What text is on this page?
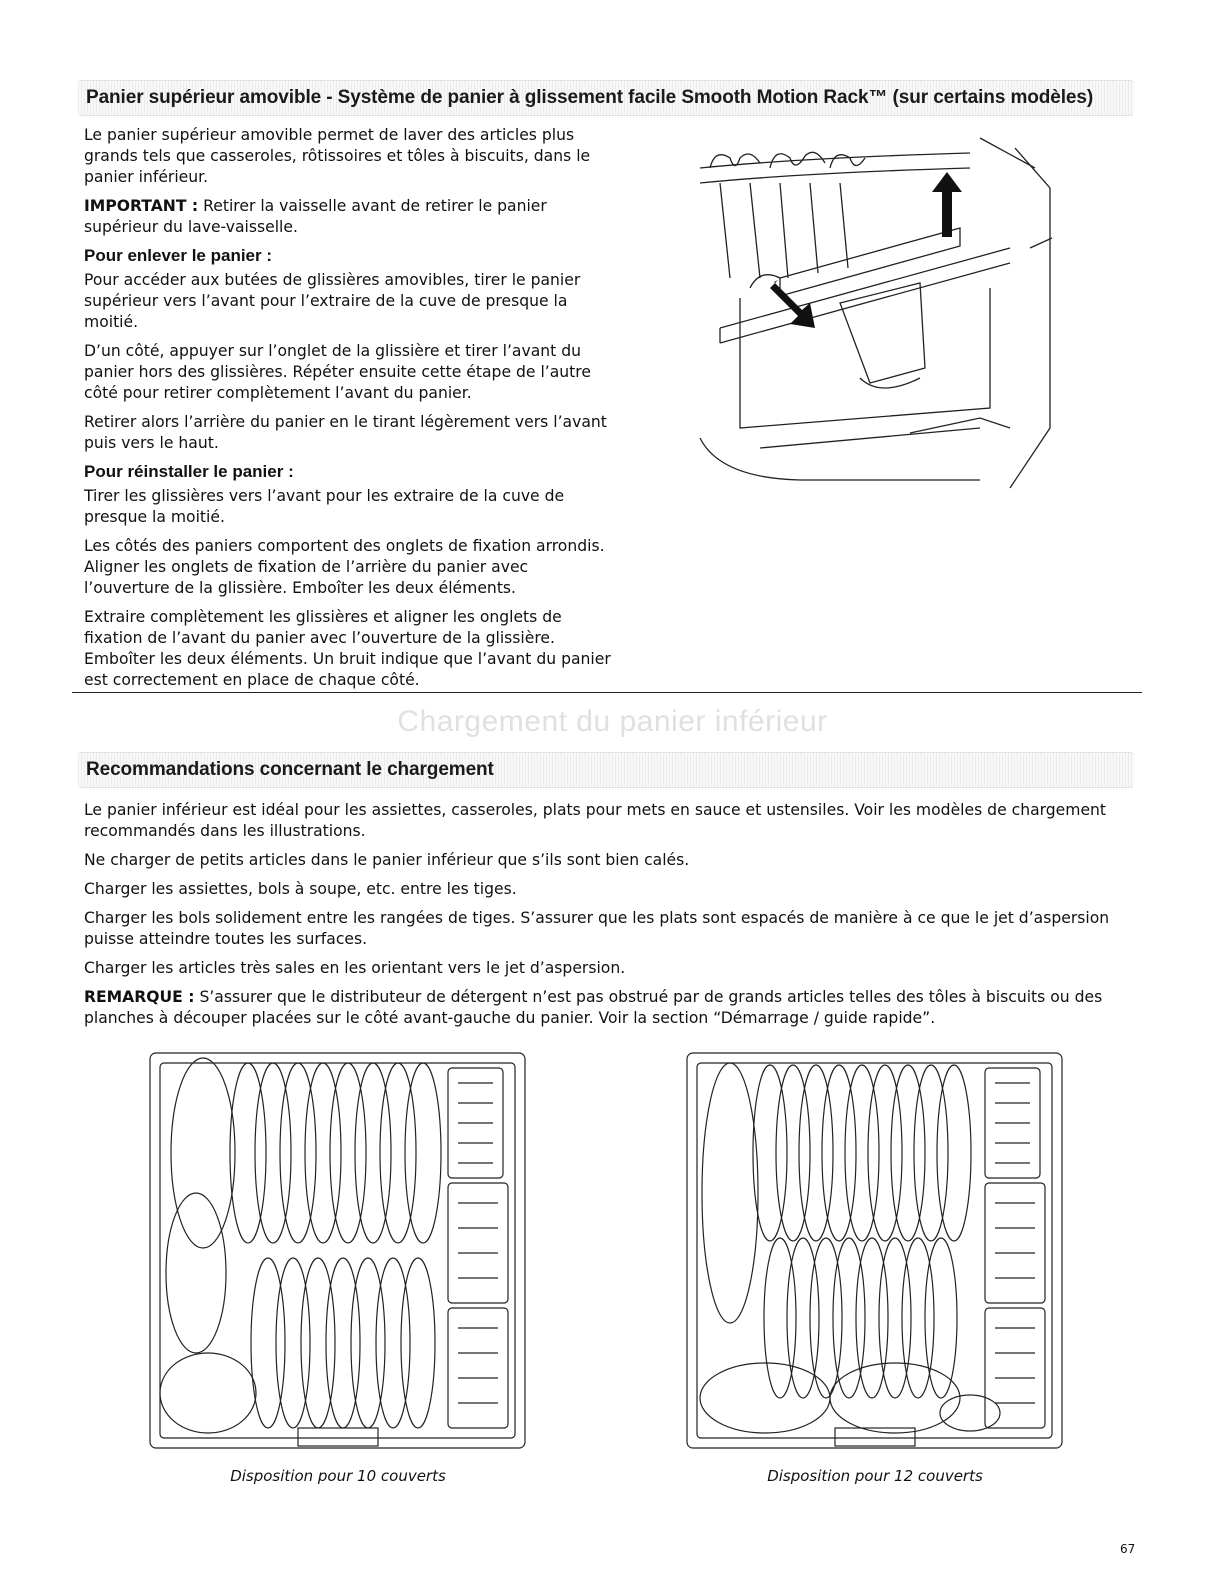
Panier supérieur amovible - Système de panier à glissement facile Smooth Motion Rack™ (sur certains modèles)

Le panier supérieur amovible permet de laver des articles plus grands tels que casseroles, rôtissoires et tôles à biscuits, dans le panier inférieur.

IMPORTANT : Retirer la vaisselle avant de retirer le panier supérieur du lave-vaisselle.

Pour enlever le panier :

Pour accéder aux butées de glissières amovibles, tirer le panier supérieur vers l’avant pour l’extraire de la cuve de presque la moitié.

D’un côté, appuyer sur l’onglet de la glissière et tirer l’avant du panier hors des glissières. Répéter ensuite cette étape de l’autre côté pour retirer complètement l’avant du panier.

Retirer alors l’arrière du panier en le tirant légèrement vers l’avant puis vers le haut.

Pour réinstaller le panier :

Tirer les glissières vers l’avant pour les extraire de la cuve de presque la moitié.

Les côtés des paniers comportent des onglets de fixation arrondis. Aligner les onglets de fixation de l’arrière du panier avec l’ouverture de la glissière. Emboîter les deux éléments.

Extraire complètement les glissières et aligner les onglets de fixation de l’avant du panier avec l’ouverture de la glissière. Emboîter les deux éléments. Un bruit indique que l’avant du panier est correctement en place de chaque côté.

Chargement du panier inférieur
Recommandations concernant le chargement

Le panier inférieur est idéal pour les assiettes, casseroles, plats pour mets en sauce et ustensiles. Voir les modèles de chargement recommandés dans les illustrations.

Ne charger de petits articles dans le panier inférieur que s’ils sont bien calés.

Charger les assiettes, bols à soupe, etc. entre les tiges.

Charger les bols solidement entre les rangées de tiges. S’assurer que les plats sont espacés de manière à ce que le jet d’aspersion puisse atteindre toutes les surfaces.

Charger les articles très sales en les orientant vers le jet d’aspersion.

REMARQUE : S’assurer que le distributeur de détergent n’est pas obstrué par de grands articles telles des tôles à biscuits ou des planches à découper placées sur le côté avant-gauche du panier. Voir la section “Démarrage / guide rapide”.

Disposition pour 10 couverts	Disposition pour 12 couverts
67
